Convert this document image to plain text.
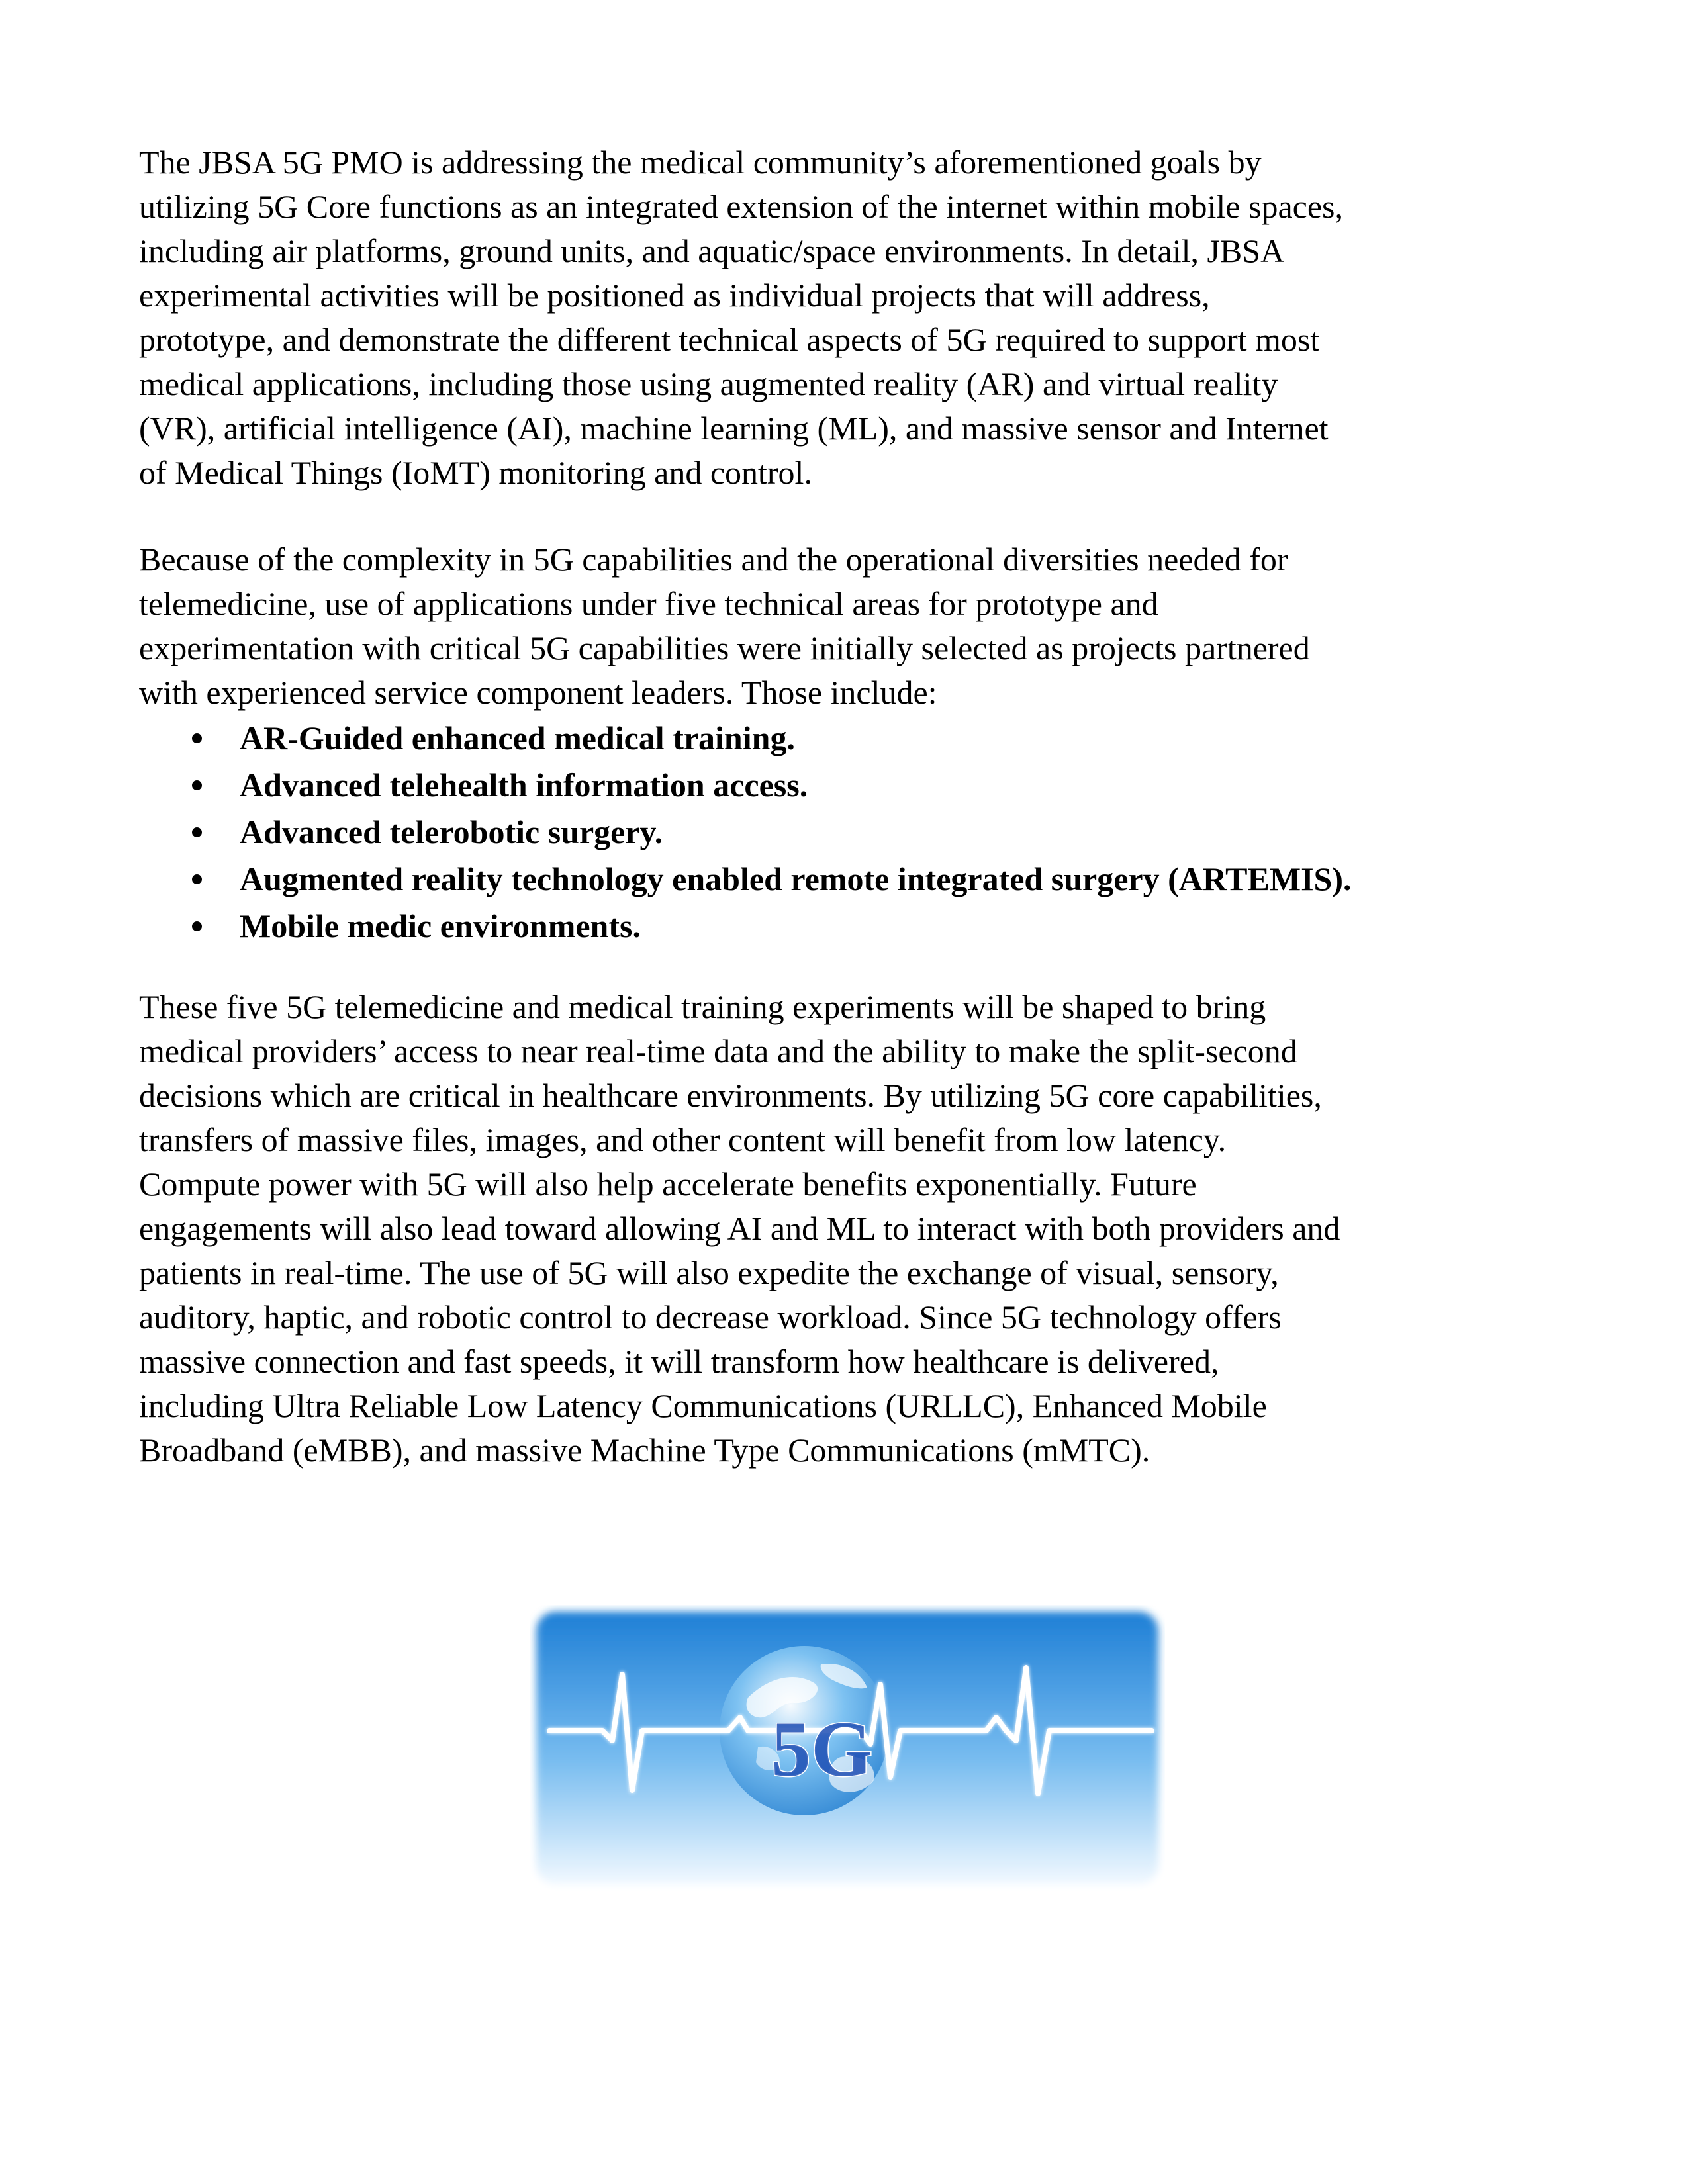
The JBSA 5G PMO is addressing the medical community’s aforementioned goals by
utilizing 5G Core functions as an integrated extension of the internet within mobile spaces,
including air platforms, ground units, and aquatic/space environments. In detail, JBSA
experimental activities will be positioned as individual projects that will address,
prototype, and demonstrate the different technical aspects of 5G required to support most
medical applications, including those using augmented reality (AR) and virtual reality
(VR), artificial intelligence (AI), machine learning (ML), and massive sensor and Internet
of Medical Things (IoMT) monitoring and control.

Because of the complexity in 5G capabilities and the operational diversities needed for
telemedicine, use of applications under five technical areas for prototype and
experimentation with critical 5G capabilities were initially selected as projects partnered
with experienced service component leaders. Those include:

AR-Guided enhanced medical training.
Advanced telehealth information access.
Advanced telerobotic surgery.
Augmented reality technology enabled remote integrated surgery (ARTEMIS).
Mobile medic environments.

These five 5G telemedicine and medical training experiments will be shaped to bring
medical providers’ access to near real-time data and the ability to make the split-second
decisions which are critical in healthcare environments. By utilizing 5G core capabilities,
transfers of massive files, images, and other content will benefit from low latency.
Compute power with 5G will also help accelerate benefits exponentially. Future
engagements will also lead toward allowing AI and ML to interact with both providers and
patients in real-time. The use of 5G will also expedite the exchange of visual, sensory,
auditory, haptic, and robotic control to decrease workload. Since 5G technology offers
massive connection and fast speeds, it will transform how healthcare is delivered,
including Ultra Reliable Low Latency Communications (URLLC), Enhanced Mobile
Broadband (eMBB), and massive Machine Type Communications (mMTC).

5G
